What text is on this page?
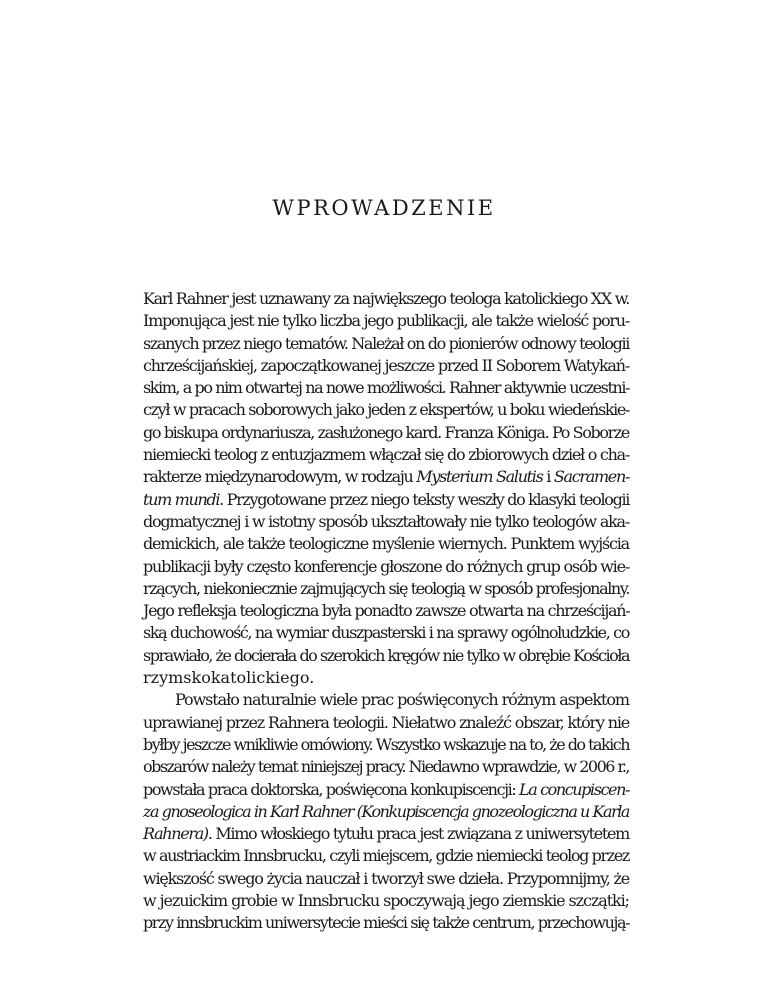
WPROWADZENIE
Karl Rahner jest uznawany za największego teologa katolickiego XX w.
Imponująca jest nie tylko liczba jego publikacji, ale także wielość poru-
szanych przez niego tematów. Należał on do pionierów odnowy teologii
chrześcijańskiej, zapoczątkowanej jeszcze przed II Soborem Watykań-
skim, a po nim otwartej na nowe możliwości. Rahner aktywnie uczestni-
czył w pracach soborowych jako jeden z ekspertów, u boku wiedeńskie-
go biskupa ordynariusza, zasłużonego kard. Franza Königa. Po Soborze
niemiecki teolog z entuzjazmem włączał się do zbiorowych dzieł o cha-
rakterze międzynarodowym, w rodzaju Mysterium Salutis i Sacramen-
tum mundi. Przygotowane przez niego teksty weszły do klasyki teologii
dogmatycznej i w istotny sposób ukształtowały nie tylko teologów aka-
demickich, ale także teologiczne myślenie wiernych. Punktem wyjścia
publikacji były często konferencje głoszone do różnych grup osób wie-
rzących, niekoniecznie zajmujących się teologią w sposób profesjonalny.
Jego refleksja teologiczna była ponadto zawsze otwarta na chrześcijań-
ską duchowość, na wymiar duszpasterski i na sprawy ogólnoludzkie, co
sprawiało, że docierała do szerokich kręgów nie tylko w obrębie Kościoła
rzymskokatolickiego.
Powstało naturalnie wiele prac poświęconych różnym aspektom
uprawianej przez Rahnera teologii. Niełatwo znaleźć obszar, który nie
byłby jeszcze wnikliwie omówiony. Wszystko wskazuje na to, że do takich
obszarów należy temat niniejszej pracy. Niedawno wprawdzie, w 2006 r.,
powstała praca doktorska, poświęcona konkupiscencji: La concupiscen-
za gnoseologica in Karl Rahner (Konkupiscencja gnozeologiczna u Karla
Rahnera). Mimo włoskiego tytułu praca jest związana z uniwersytetem
w austriackim Innsbrucku, czyli miejscem, gdzie niemiecki teolog przez
większość swego życia nauczał i tworzył swe dzieła. Przypomnijmy, że
w jezuickim grobie w Innsbrucku spoczywają jego ziemskie szczątki;
przy innsbruckim uniwersytecie mieści się także centrum, przechowują-
